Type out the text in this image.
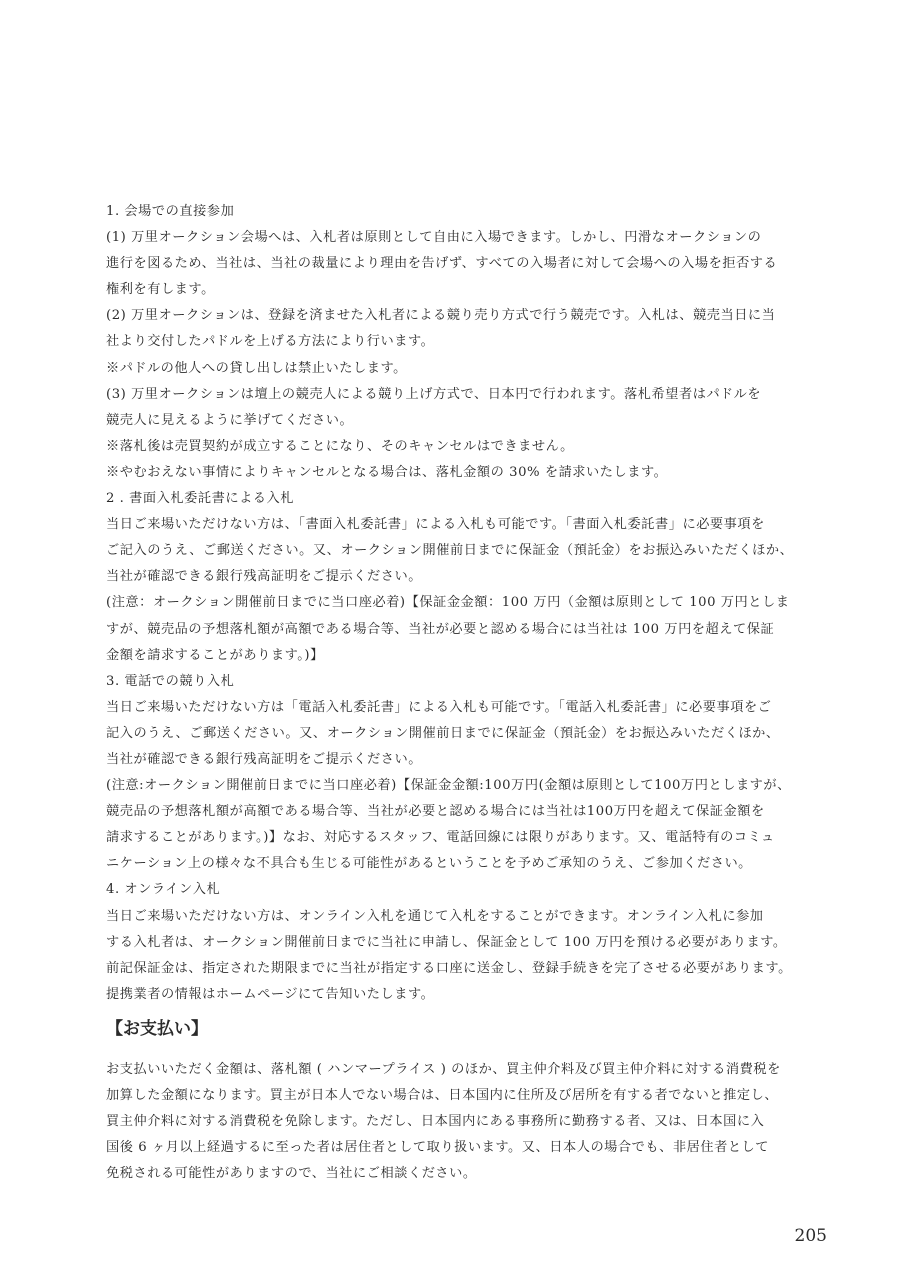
1. 会場での直接参加
(1) 万里オークション会場へは、入札者は原則として自由に入場できます。しかし、円滑なオークションの
進行を図るため、当社は、当社の裁量により理由を告げず、すべての入場者に対して会場への入場を拒否する
権利を有します。
(2) 万里オークションは、登録を済ませた入札者による競り売り方式で行う競売です。入札は、競売当日に当
社より交付したパドルを上げる方法により行います。
※パドルの他人への貸し出しは禁止いたします。
(3) 万里オークションは壇上の競売人による競り上げ方式で、日本円で行われます。落札希望者はパドルを
競売人に見えるように挙げてください。
※落札後は売買契約が成立することになり、そのキャンセルはできません。
※やむおえない事情によりキャンセルとなる場合は、落札金額の 30% を請求いたします。
2 . 書面入札委託書による入札
当日ご来場いただけない方は、「書面入札委託書」による入札も可能です。「書面入札委託書」に必要事項を
ご記入のうえ、ご郵送ください。又、オークション開催前日までに保証金（預託金）をお振込みいただくほか、
当社が確認できる銀行残高証明をご提示ください。
(注意：オークション開催前日までに当口座必着)【保証金金額：100 万円（金額は原則として 100 万円としま
すが、競売品の予想落札額が高額である場合等、当社が必要と認める場合には当社は 100 万円を超えて保証
金額を請求することがあります。)】
3. 電話での競り入札
当日ご来場いただけない方は「電話入札委託書」による入札も可能です。「電話入札委託書」に必要事項をご
記入のうえ、ご郵送ください。又、オークション開催前日までに保証金（預託金）をお振込みいただくほか、
当社が確認できる銀行残高証明をご提示ください。
(注意:オークション開催前日までに当口座必着)【保証金金額:100万円(金額は原則として100万円としますが、
競売品の予想落札額が高額である場合等、当社が必要と認める場合には当社は100万円を超えて保証金額を
請求することがあります。)】なお、対応するスタッフ、電話回線には限りがあります。又、電話特有のコミュ
ニケーション上の様々な不具合も生じる可能性があるということを予めご承知のうえ、ご参加ください。
4. オンライン入札
当日ご来場いただけない方は、オンライン入札を通じて入札をすることができます。オンライン入札に参加
する入札者は、オークション開催前日までに当社に申請し、保証金として 100 万円を預ける必要があります。
前記保証金は、指定された期限までに当社が指定する口座に送金し、登録手続きを完了させる必要があります。
提携業者の情報はホームページにて告知いたします。
【お支払い】
お支払いいただく金額は、落札額 ( ハンマープライス ) のほか、買主仲介料及び買主仲介料に対する消費税を
加算した金額になります。買主が日本人でない場合は、日本国内に住所及び居所を有する者でないと推定し、
買主仲介料に対する消費税を免除します。ただし、日本国内にある事務所に勤務する者、又は、日本国に入
国後 6 ヶ月以上経過するに至った者は居住者として取り扱います。又、日本人の場合でも、非居住者として
免税される可能性がありますので、当社にご相談ください。
205
